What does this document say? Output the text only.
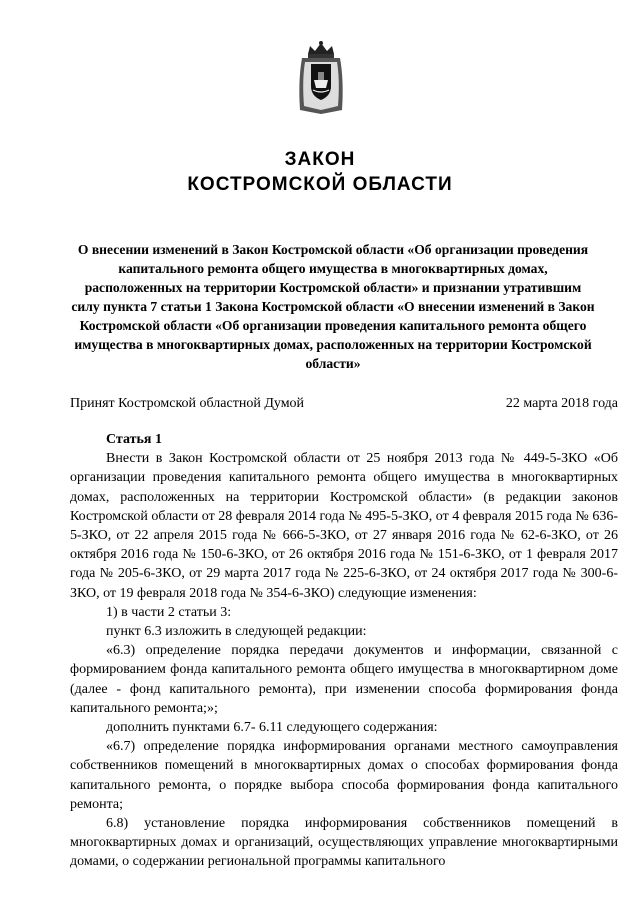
ЗАКОН
КОСТРОМСКОЙ ОБЛАСТИ
О внесении изменений в Закон Костромской области «Об организации проведения капитального ремонта общего имущества в многоквартирных домах, расположенных на территории Костромской области» и признании утратившим силу пункта 7 статьи 1 Закона Костромской области «О внесении изменений в Закон Костромской области «Об организации проведения капитального ремонта общего имущества в многоквартирных домах, расположенных на территории Костромской области»
Принят Костромской областной Думой	22 марта 2018 года

Статья 1

Внести в Закон Костромской области от 25 ноября 2013 года № 449-5-ЗКО «Об организации проведения капитального ремонта общего имущества в многоквартирных домах, расположенных на территории Костромской области» (в редакции законов Костромской области от 28 февраля 2014 года № 495-5-ЗКО, от 4 февраля 2015 года № 636-5-ЗКО, от 22 апреля 2015 года № 666-5-ЗКО, от 27 января 2016 года № 62-6-ЗКО, от 26 октября 2016 года № 150-6-ЗКО, от 26 октября 2016 года № 151-6-ЗКО, от 1 февраля 2017 года № 205-6-ЗКО, от 29 марта 2017 года № 225-6-ЗКО, от 24 октября 2017 года № 300-6-ЗКО, от 19 февраля 2018 года № 354-6-ЗКО) следующие изменения:

1) в части 2 статьи 3:

пункт 6.3 изложить в следующей редакции:

«6.3) определение порядка передачи документов и информации, связанной с формированием фонда капитального ремонта общего имущества в многоквартирном доме (далее - фонд капитального ремонта), при изменении способа формирования фонда капитального ремонта;»;

дополнить пунктами 6.7- 6.11 следующего содержания:

«6.7) определение порядка информирования органами местного самоуправления собственников помещений в многоквартирных домах о способах формирования фонда капитального ремонта, о порядке выбора способа формирования фонда капитального ремонта;

6.8) установление порядка информирования собственников помещений в многоквартирных домах и организаций, осуществляющих управление многоквартирными домами, о содержании региональной программы капитального
